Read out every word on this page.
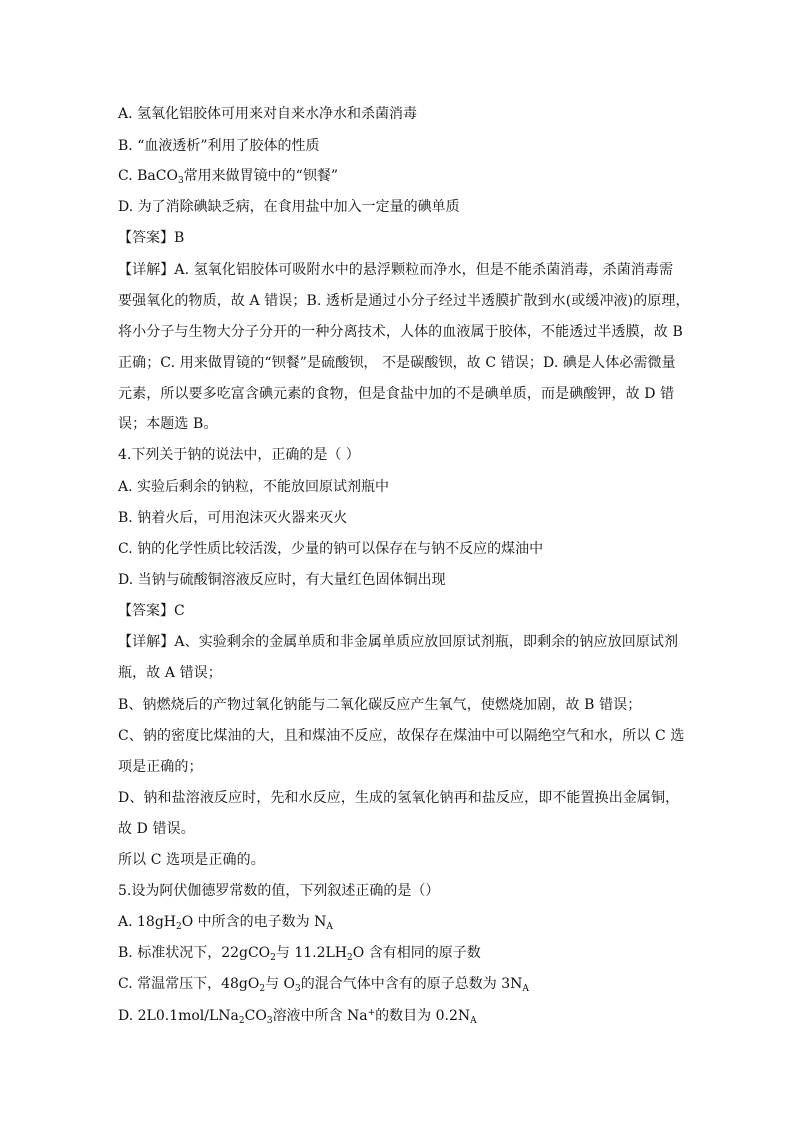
A. 氢氧化铝胶体可用来对自来水净水和杀菌消毒
B. “血液透析”利用了胶体的性质
C. BaCO$_3$常用来做胃镜中的“钡餐”
D. 为了消除碘缺乏病，在食用盐中加入一定量的碘单质
【答案】B
【详解】A. 氢氧化铝胶体可吸附水中的悬浮颗粒而净水，但是不能杀菌消毒，杀菌消毒需
要强氧化的物质，故 A 错误；B. 透析是通过小分子经过半透膜扩散到水(或缓冲液)的原理，
将小分子与生物大分子分开的一种分离技术，人体的血液属于胶体，不能透过半透膜，故 B
正确；C. 用来做胃镜的“钡餐”是硫酸钡， 不是碳酸钡，故 C 错误；D. 碘是人体必需微量
元素，所以要多吃富含碘元素的食物，但是食盐中加的不是碘单质，而是碘酸钾，故 D 错
误；本题选 B。
4.下列关于钠的说法中，正确的是（ ）
A. 实验后剩余的钠粒，不能放回原试剂瓶中
B. 钠着火后，可用泡沫灭火器来灭火
C. 钠的化学性质比较活泼，少量的钠可以保存在与钠不反应的煤油中
D. 当钠与硫酸铜溶液反应时，有大量红色固体铜出现
【答案】C
【详解】A、实验剩余的金属单质和非金属单质应放回原试剂瓶，即剩余的钠应放回原试剂
瓶，故 A 错误；
B、钠燃烧后的产物过氧化钠能与二氧化碳反应产生氧气，使燃烧加剧，故 B 错误；
C、钠的密度比煤油的大，且和煤油不反应，故保存在煤油中可以隔绝空气和水，所以 C 选
项是正确的；
D、钠和盐溶液反应时，先和水反应，生成的氢氧化钠再和盐反应，即不能置换出金属铜，
故 D 错误。
所以 C 选项是正确的。
5.设为阿伏伽德罗常数的值，下列叙述正确的是（）
A. $18gH_2O$ 中所含的电子数为 $N_A$
B. 标准状况下，22gCO$_2$与 $11.2LH_2O$ 含有相同的原子数
C. 常温常压下，$48gO_2$与 $O_3$的混合气体中含有的原子总数为 $3N_A$
D. $2L0.1mol/LNa_2CO_3$溶液中所含 Na+的数目为 $0.2N_A$
